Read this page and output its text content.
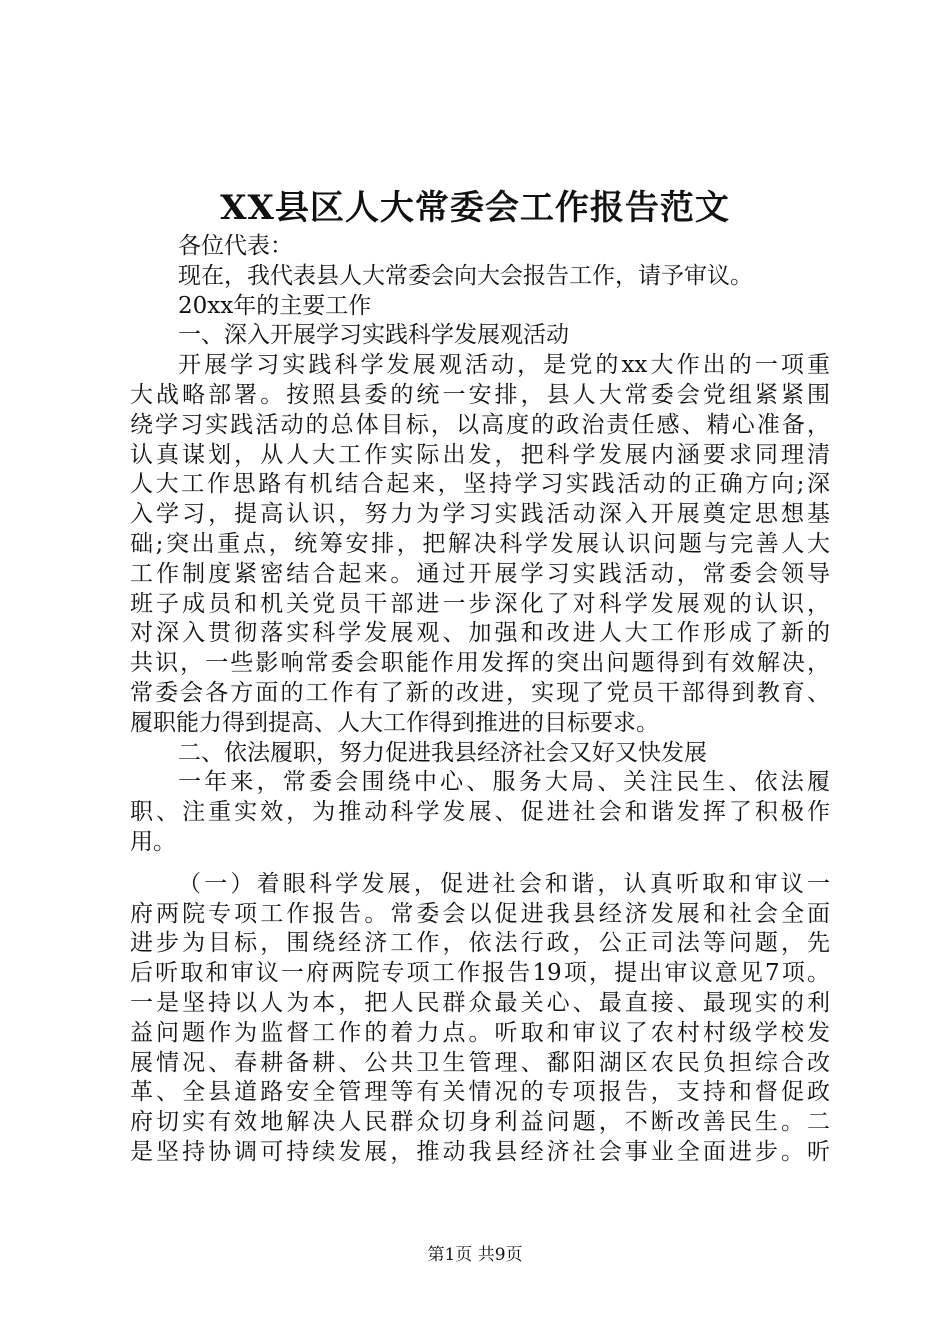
XX县区人大常委会工作报告范文
各位代表：
现在，我代表县人大常委会向大会报告工作，请予审议。
20xx年的主要工作
一、深入开展学习实践科学发展观活动
开展学习实践科学发展观活动，是党的xx大作出的一项重
大战略部署。按照县委的统一安排，县人大常委会党组紧紧围
绕学习实践活动的总体目标，以高度的政治责任感、精心准备，
认真谋划，从人大工作实际出发，把科学发展内涵要求同理清
人大工作思路有机结合起来，坚持学习实践活动的正确方向;深
入学习，提高认识，努力为学习实践活动深入开展奠定思想基
础;突出重点，统筹安排，把解决科学发展认识问题与完善人大
工作制度紧密结合起来。通过开展学习实践活动，常委会领导
班子成员和机关党员干部进一步深化了对科学发展观的认识，
对深入贯彻落实科学发展观、加强和改进人大工作形成了新的
共识，一些影响常委会职能作用发挥的突出问题得到有效解决，
常委会各方面的工作有了新的改进，实现了党员干部得到教育、
履职能力得到提高、人大工作得到推进的目标要求。
二、依法履职，努力促进我县经济社会又好又快发展
一年来，常委会围绕中心、服务大局、关注民生、依法履
职、注重实效，为推动科学发展、促进社会和谐发挥了积极作
用。
（一）着眼科学发展，促进社会和谐，认真听取和审议一
府两院专项工作报告。常委会以促进我县经济发展和社会全面
进步为目标，围绕经济工作，依法行政，公正司法等问题，先
后听取和审议一府两院专项工作报告19项，提出审议意见7项。
一是坚持以人为本，把人民群众最关心、最直接、最现实的利
益问题作为监督工作的着力点。听取和审议了农村村级学校发
展情况、春耕备耕、公共卫生管理、鄱阳湖区农民负担综合改
革、全县道路安全管理等有关情况的专项报告，支持和督促政
府切实有效地解决人民群众切身利益问题，不断改善民生。二
是坚持协调可持续发展，推动我县经济社会事业全面进步。听
第1页 共9页
